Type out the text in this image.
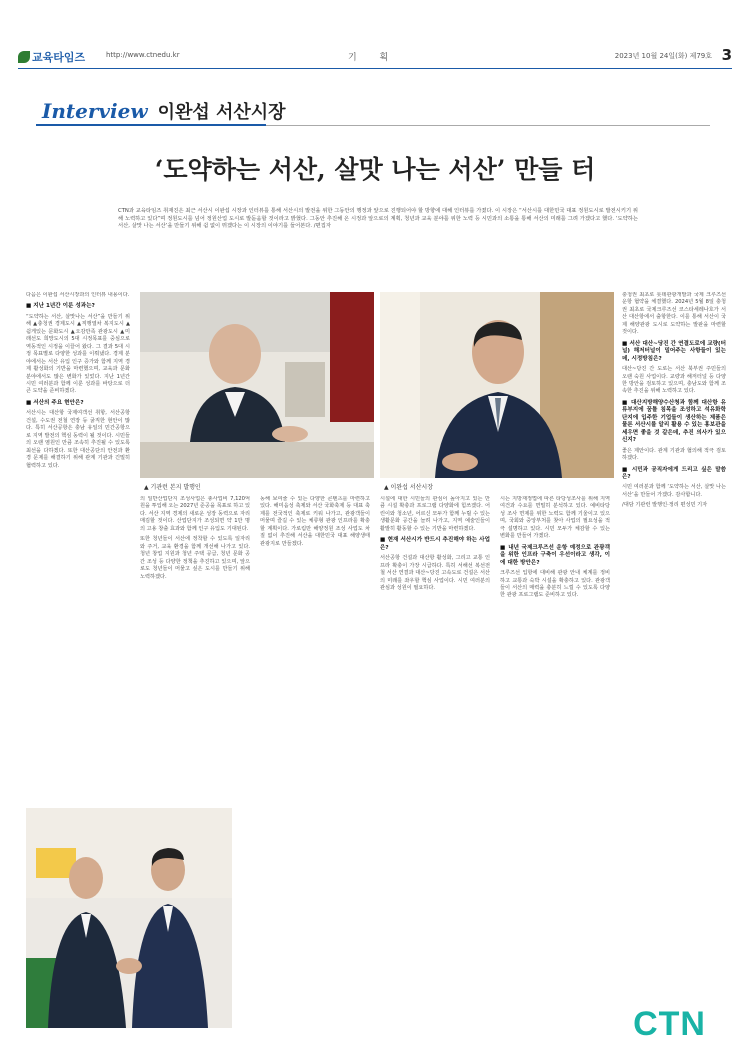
교육타임즈	http://www.ctnedu.kr	기 획	2023년 10월 24일(화) 제79호 3
Interview 이완섭 서산시장
‘도약하는 서산, 살맛 나는 서산’ 만들 터

CTN과 교육타임즈 취재진은 최근 서산시 이완섭 시장과 인터뷰를 통해 서산시의 발전을 위한 그동안의 행정과 앞으로 진행되어야 할 방향에 대해 인터뷰를 가졌다. 이 시장은 “서산시를 대한민국 대표 정원도시로 발전시키기 위해 노력하고 있다”며 정원도시를 넘어 정원산업 도시로 발돋움할 것이라고 밝혔다. 그동안 추진해 온 시정과 앞으로의 계획, 청년과 교육 분야를 위한 노력 등 시민과의 소통을 통해 서산의 미래를 그려 가겠다고 했다. ‘도약하는 서산, 살맛 나는 서산’을 만들기 위해 쉼 없이 뛰겠다는 이 시장의 이야기를 들어본다. /편집자

▲ 기관런 본지 발행인	▲ 이완섭 서산시장

다음은 이완섭 서산시장과의 인터뷰 내용이다.

■ 지난 1년간 이룬 성과는?

“도약하는 서산, 살맛나는 서산”을 만들기 위해 ▲충청권 경제도시 ▲직행열차 복지도시 ▲쉼게있는 문화도시 ▲오감만족 관광도시 ▲미래선도 희망도시의 5대 시정목표를 중심으로 역동적인 시정을 이끌어 왔다. 그 결과 5대 시정 목표별로 다양한 성과를 이뤄냈다. 경제 분야에서는 서산 유입 인구 증가와 함께 지역 경제 활성화의 기반을 마련했으며, 교육과 문화 분야에서도 많은 변화가 있었다. 지난 1년간 시민 여러분과 함께 이룬 성과를 바탕으로 더 큰 도약을 준비하겠다.

■ 서산의 주요 현안은?

서산시는 대산항 국제여객선 취항, 서산공항 건설, 수도권 전철 연장 등 굵직한 현안이 많다. 특히 서산공항은 충남 유일의 민간공항으로 지역 발전의 핵심 동력이 될 것이다. 시민들의 오랜 염원인 만큼 조속히 추진될 수 있도록 최선을 다하겠다. 또한 대산공단의 안전과 환경 문제를 해결하기 위해 관계 기관과 긴밀히 협력하고 있다.

의 일반산업단지 조성사업은 총사업비 7,120억 원을 투입해 오는 2027년 준공을 목표로 하고 있다. 서산 지역 경제의 새로운 성장 동력으로 자리매김할 것이다. 산업단지가 조성되면 약 1만 명의 고용 창출 효과와 함께 인구 유입도 기대된다.

또한 청년들이 서산에 정착할 수 있도록 일자리와 주거, 교육 환경을 함께 개선해 나가고 있다. 청년 창업 지원과 청년 주택 공급, 청년 문화 공간 조성 등 다양한 정책을 추진하고 있으며, 앞으로도 청년들이 머물고 싶은 도시를 만들기 위해 노력하겠다.

동해 보여줄 수 있는 다양한 콘텐츠를 마련하고 있다. 해미읍성 축제와 서산 국화축제 등 대표 축제를 전국적인 축제로 키워 나가고, 관광객들이 머물며 즐길 수 있는 체류형 관광 인프라를 확충할 계획이다. 가로림만 해양정원 조성 사업도 차질 없이 추진해 서산을 대한민국 대표 해양생태 관광지로 만들겠다.

시설에 대한 시민들의 관심이 높아지고 있는 만큼 시설 확충과 프로그램 다양화에 힘쓰겠다. 어린이와 청소년, 어르신 모두가 함께 누릴 수 있는 생활문화 공간을 늘려 나가고, 지역 예술인들이 활발히 활동할 수 있는 기반을 마련하겠다.

■ 현재 서산시가 반드시 추진해야 하는 사업은?

서산공항 건설과 대산항 활성화, 그리고 교통 인프라 확충이 가장 시급하다. 특히 서해선 복선전철 서산 연결과 대산~당진 고속도로 건설은 서산의 미래를 좌우할 핵심 사업이다. 시민 여러분의 관심과 성원이 필요하다.

시는 지방재정법에 따른 타당성조사를 위해 지역 여건과 수요를 면밀히 분석하고 있다. 예비타당성 조사 면제를 위한 노력도 함께 기울이고 있으며, 국회와 중앙부처를 찾아 사업의 필요성을 적극 설명하고 있다. 시민 모두가 체감할 수 있는 변화를 만들어 가겠다.

■ 내년 국제크루즈선 운항 예정으로 관광객을 위한 인프라 구축이 우선이라고 생각, 이에 대한 방안은?

크루즈선 입항에 대비해 관광 안내 체계를 정비하고 교통과 숙박 시설을 확충하고 있다. 관광객들이 서산의 매력을 충분히 느낄 수 있도록 다양한 관광 프로그램도 준비하고 있다.

충청권 최초로 롯데관광개발과 국제 크루즈선 운항 협약을 체결했다. 2024년 5월 8일 충청권 최초로 국제크루즈선 코스타세레나호가 서산 대산항에서 출항한다. 이를 통해 서산이 국제 해양관광 도시로 도약하는 발판을 마련할 것이다.

■ 서산 대산~당진 간 연결도로에 교량(터널) 해저터널이 밀어주는 사항들이 있는데, 시정방침은?

대산~당진 간 도로는 서산 북부권 주민들의 오랜 숙원 사업이다. 교량과 해저터널 등 다양한 방안을 검토하고 있으며, 충남도와 함께 조속한 추진을 위해 노력하고 있다.

■ 대산지방해양수산청과 함께 대산항 유류부지에 꿈틀 침목을 조성하고 석유화학 단지에 입주한 기업들이 생산하는 제품은 물론 서산시를 알리 활용 수 있는 홍보관을 세우면 좋을 것 같은데, 추진 의사가 있으신지?

좋은 제안이다. 관계 기관과 협의해 적극 검토하겠다.

■ 시민과 공직자에게 드리고 싶은 말씀은?

시민 여러분과 함께 ‘도약하는 서산, 살맛 나는 서산’을 만들어 가겠다. 감사합니다.

/대담 기관런 발행인·정리 편성민 기자

CTN
